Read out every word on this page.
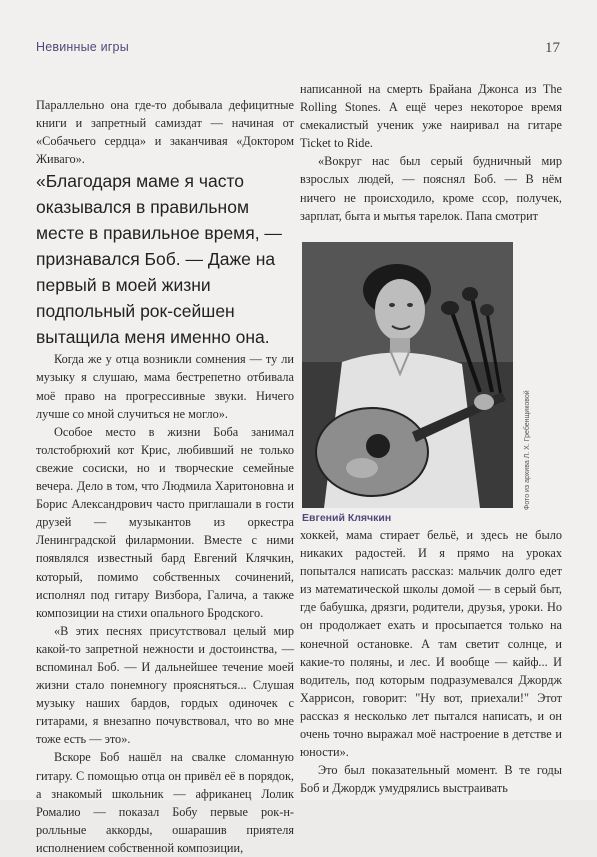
Невинные игры	17

Параллельно она где-то добывала дефицитные книги и запретный самиздат — начиная от «Собачьего сердца» и заканчивая «Доктором Живаго».

«Благодаря маме я часто оказывался в правильном месте в правильное время, — признавался Боб. — Даже на первый в моей жизни подпольный рок-сейшен вытащила меня именно она.

Когда же у отца возникли сомнения — ту ли музыку я слушаю, мама бестрепетно отбивала моё право на прогрессивные звуки. Ничего лучше со мной случиться не могло».

Особое место в жизни Боба занимал толстобрюхий кот Крис, любивший не только свежие сосиски, но и творческие семейные вечера. Дело в том, что Людмила Харитоновна и Борис Александрович часто приглашали в гости друзей — музыкантов из оркестра Ленинградской филармонии. Вместе с ними появлялся известный бард Евгений Клячкин, который, помимо собственных сочинений, исполнял под гитару Визбора, Галича, а также композиции на стихи опального Бродского.

«В этих песнях присутствовал целый мир какой-то запретной нежности и достоинства, — вспоминал Боб. — И дальнейшее течение моей жизни стало понемногу проясняться... Слушая музыку наших бардов, гордых одиночек с гитарами, я внезапно почувствовал, что во мне тоже есть — это».

Вскоре Боб нашёл на свалке сломанную гитару. С помощью отца он привёл её в порядок, а знакомый школьник — африканец Лолик Ромалио — показал Бобу первые рок-н-ролльные аккорды, ошарашив приятеля исполнением собственной композиции,

написанной на смерть Брайана Джонса из The Rolling Stones. А ещё через некоторое время смекалистый ученик уже наиривал на гитаре Ticket to Ride.

«Вокруг нас был серый будничный мир взрослых людей, — пояснял Боб. — В нём ничего не происходило, кроме ссор, получек, зарплат, быта и мытья тарелок. Папа смотрит

Фото из архива Л. Х. Гребенщиковой
Евгений Клячкин

хоккей, мама стирает бельё, и здесь не было никаких радостей. И я прямо на уроках попытался написать рассказ: мальчик долго едет из математической школы домой — в серый быт, где бабушка, дрязги, родители, друзья, уроки. Но он продолжает ехать и просыпается только на конечной остановке. А там светит солнце, и какие-то поляны, и лес. И вообще — кайф... И водитель, под которым подразумевался Джордж Харрисон, говорит: "Ну вот, приехали!" Этот рассказ я несколько лет пытался написать, и он очень точно выражал моё настроение в детстве и юности».

Это был показательный момент. В те годы Боб и Джордж умудрялись выстраивать
